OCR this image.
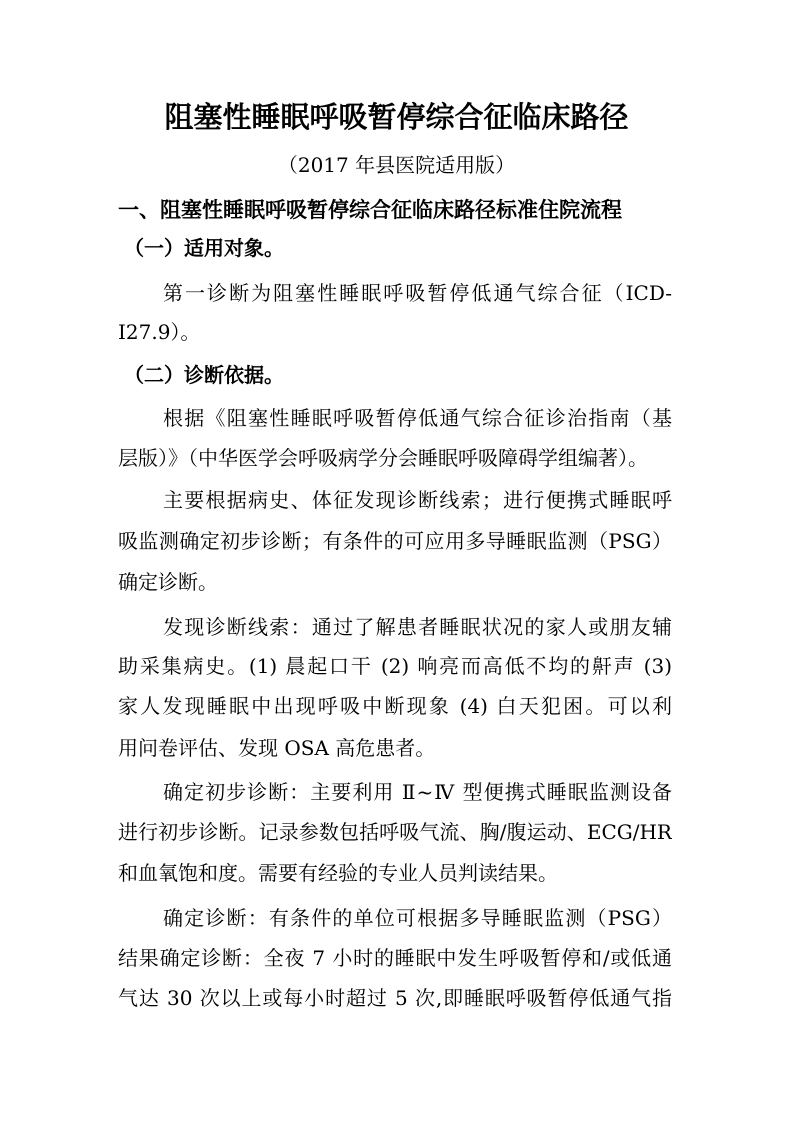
阻塞性睡眠呼吸暂停综合征临床路径
（2017 年县医院适用版）
一、阻塞性睡眠呼吸暂停综合征临床路径标准住院流程
（一）适用对象。
第一诊断为阻塞性睡眠呼吸暂停低通气综合征（ICD-
I27.9）。
（二）诊断依据。
根据《阻塞性睡眠呼吸暂停低通气综合征诊治指南（基
层版）》（中华医学会呼吸病学分会睡眠呼吸障碍学组编著）。
主要根据病史、体征发现诊断线索；进行便携式睡眠呼
吸监测确定初步诊断；有条件的可应用多导睡眠监测（PSG）
确定诊断。
发现诊断线索：通过了解患者睡眠状况的家人或朋友辅
助采集病史。(1) 晨起口干 (2) 响亮而高低不均的鼾声 (3)
家人发现睡眠中出现呼吸中断现象 (4) 白天犯困。可以利
用问卷评估、发现 OSA 高危患者。
确定初步诊断：主要利用 Ⅱ~Ⅳ 型便携式睡眠监测设备
进行初步诊断。记录参数包括呼吸气流、胸/腹运动、ECG/HR
和血氧饱和度。需要有经验的专业人员判读结果。
确定诊断：有条件的单位可根据多导睡眠监测（PSG）
结果确定诊断：全夜 7 小时的睡眠中发生呼吸暂停和/或低通
气达 30 次以上或每小时超过 5 次,即睡眠呼吸暂停低通气指
